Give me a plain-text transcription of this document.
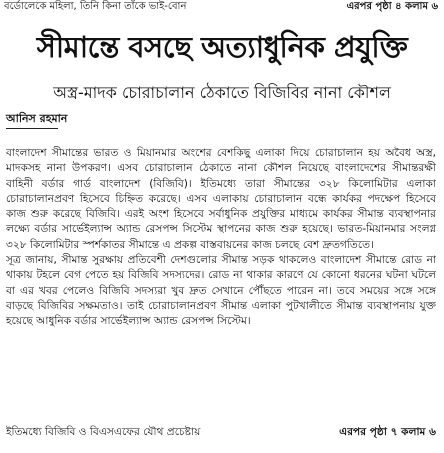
বর্ডোলেকে মহিলা, তিনি কিনা তাঁকে ভাই-বোন	এরপর পৃষ্ঠা ৪ কলাম ৬
সীমান্তে বসছে অত্যাধুনিক প্রযুক্তি
অস্ত্র-মাদক চোরাচালান ঠেকাতে বিজিবির নানা কৌশল
আনিস রহমান

বাংলাদেশ সীমান্তের ভারত ও মিয়ানমার অংশের বেশকিছু এলাকা দিয়ে চোরাচালান হয় অবৈধ অস্ত্র, মাদকসহ নানা উপকরণ। এসব চোরাচালান ঠেকাতে নানা কৌশল নিয়েছে বাংলাদেশের সীমান্তরক্ষী বাহিনী বর্ডার গার্ড বাংলাদেশ (বিজিবি)। ইতিমধ্যে তারা সীমান্তের ৩২৮ কিলোমিটার এলাকা চোরাচালানপ্রবণ হিসেবে চিহ্নিত করেছে। এসব এলাকায় চোরাচালান বন্ধে কার্যকর পদক্ষেপ হিসেবে কাজ শুরু করেছে বিজিবি। এরই অংশ হিসেবে সর্বাধুনিক প্রযুক্তির মাধ্যমে কার্যকর সীমান্ত ব্যবস্থাপনার লক্ষ্যে বর্ডার সার্ভেইল্যান্স অ্যান্ড রেসপন্স সিস্টেম স্থাপনের কাজ শুরু হয়েছে। ভারত-মিয়ানমার সংলগ্ন ৩২৮ কিলোমিটার স্পর্শকাতর সীমান্তে এ প্রকল্প বাস্তবায়নের কাজ চলছে বেশ দ্রুতগতিতে।

সূত্র জানায়, সীমান্ত সুরক্ষায় প্রতিবেশী দেশগুলোর সীমান্ত সড়ক থাকলেও বাংলাদেশ সীমান্তে রোড না থাকায় টহলে বেগ পেতে হয় বিজিবি সদস্যদের। রোড না থাকার কারণে যে কোনো ধরনের ঘটনা ঘটলে বা এর খবর পেলেও বিজিবি সদস্যরা খুব দ্রুত সেখানে পৌঁছতে পারেন না। তবে সময়ের সঙ্গে সঙ্গে বাড়ছে বিজিবির সক্ষমতাও। তাই চোরাচালানপ্রবণ সীমান্ত এলাকা পুটখালীতে সীমান্ত ব্যবস্থাপনায় যুক্ত হয়েছে আধুনিক বর্ডার সার্ভেইল্যান্স অ্যান্ড রেসপন্স সিস্টেম।

ইতিমধ্যে বিজিবি ও বিএসএফের যৌথ প্রচেষ্টায়	এরপর পৃষ্ঠা ৭ কলাম ৬
